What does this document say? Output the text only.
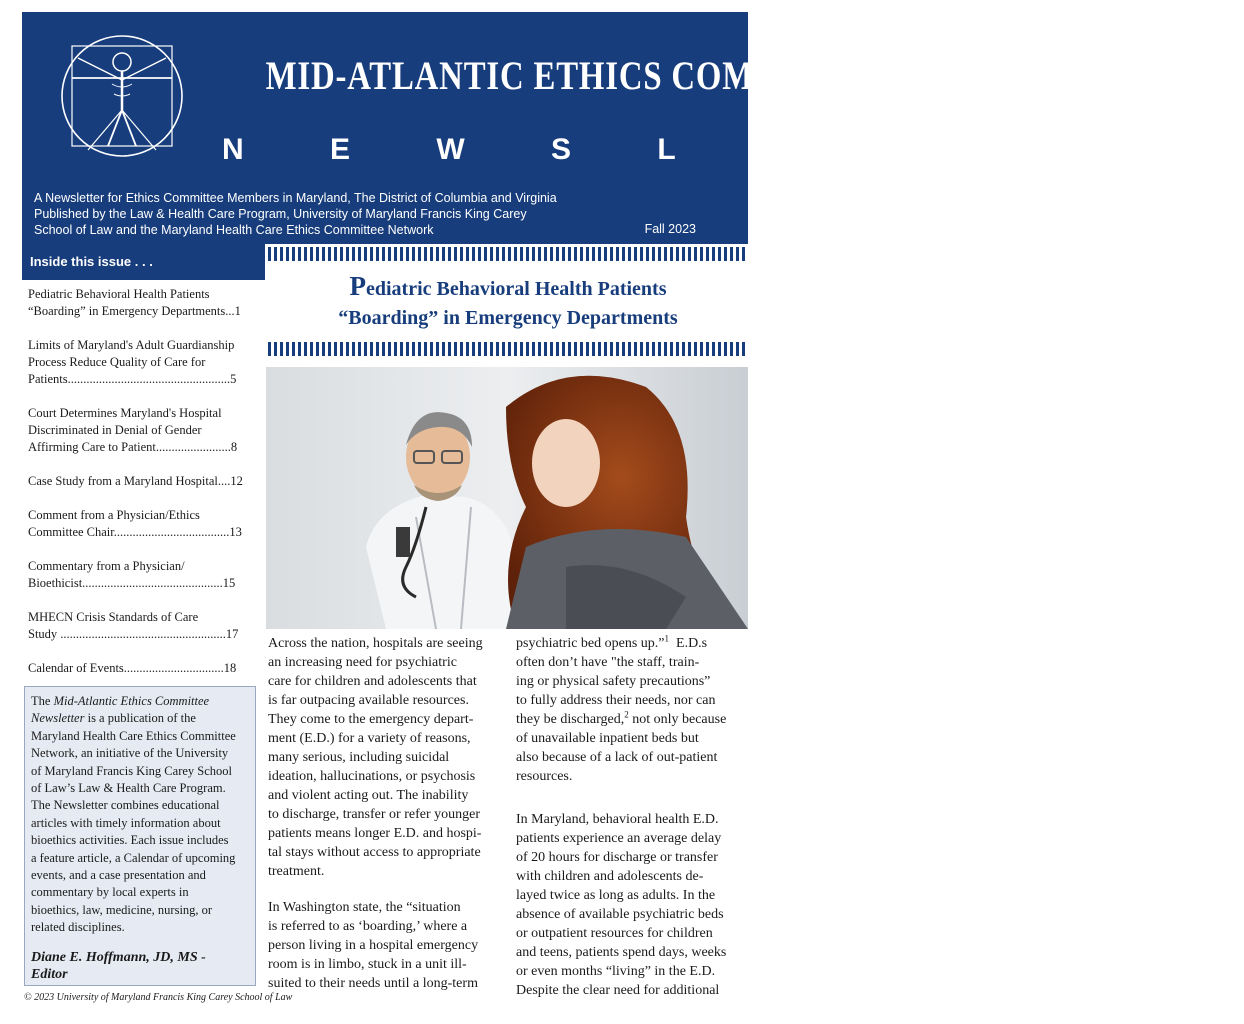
MID-ATLANTIC ETHICS COMMITTEE
N E W S L E T T E R
A Newsletter for Ethics Committee Members in Maryland, The District of Columbia and Virginia
Published by the Law & Health Care Program, University of Maryland Francis King Carey
School of Law and the Maryland Health Care Ethics Committee Network	Fall 2023
Inside this issue . . .
Pediatric Behavioral Health Patients
“Boarding” in Emergency Departments...1
Limits of Maryland's Adult Guardianship
Process Reduce Quality of Care for
Patients....................................................5
Court Determines Maryland's Hospital
Discriminated in Denial of Gender
Affirming Care to Patient........................8
Case Study from a Maryland Hospital....12
Comment from a Physician/Ethics
Committee Chair.....................................13
Commentary from a Physician/
Bioethicist.............................................15
MHECN Crisis Standards of Care
Study .....................................................17
Calendar of Events................................18
The Mid-Atlantic Ethics Committee
Newsletter is a publication of the
Maryland Health Care Ethics Committee
Network, an initiative of the University
of Maryland Francis King Carey School
of Law’s Law & Health Care Program.
The Newsletter combines educational
articles with timely information about
bioethics activities. Each issue includes
a feature article, a Calendar of upcoming
events, and a case presentation and
commentary by local experts in
bioethics, law, medicine, nursing, or
related disciplines.
Diane E. Hoffmann, JD, MS -
Editor
© 2023 University of Maryland Francis King Carey School of Law
Pediatric Behavioral Health Patients
“Boarding” in Emergency Departments

Across the nation, hospitals are seeing
an increasing need for psychiatric
care for children and adolescents that
is far outpacing available resources.
They come to the emergency depart-
ment (E.D.) for a variety of reasons,
many serious, including suicidal
ideation, hallucinations, or psychosis
and violent acting out. The inability
to discharge, transfer or refer younger
patients means longer E.D. and hospi-
tal stays without access to appropriate
treatment.

In Washington state, the “situation
is referred to as ‘boarding,’ where a
person living in a hospital emergency
room is in limbo, stuck in a unit ill-
suited to their needs until a long-term

psychiatric bed opens up.”$^1$  E.D.s
often don’t have "the staff, train-
ing or physical safety precautions”
to fully address their needs, nor can
they be discharged,$^2$ not only because
of unavailable inpatient beds but
also because of a lack of out-patient
resources.

In Maryland, behavioral health E.D.
patients experience an average delay
of 20 hours for discharge or transfer
with children and adolescents de-
layed twice as long as adults. In the
absence of available psychiatric beds
or outpatient resources for children
and teens, patients spend days, weeks
or even months “living” in the E.D.
Despite the clear need for additional
